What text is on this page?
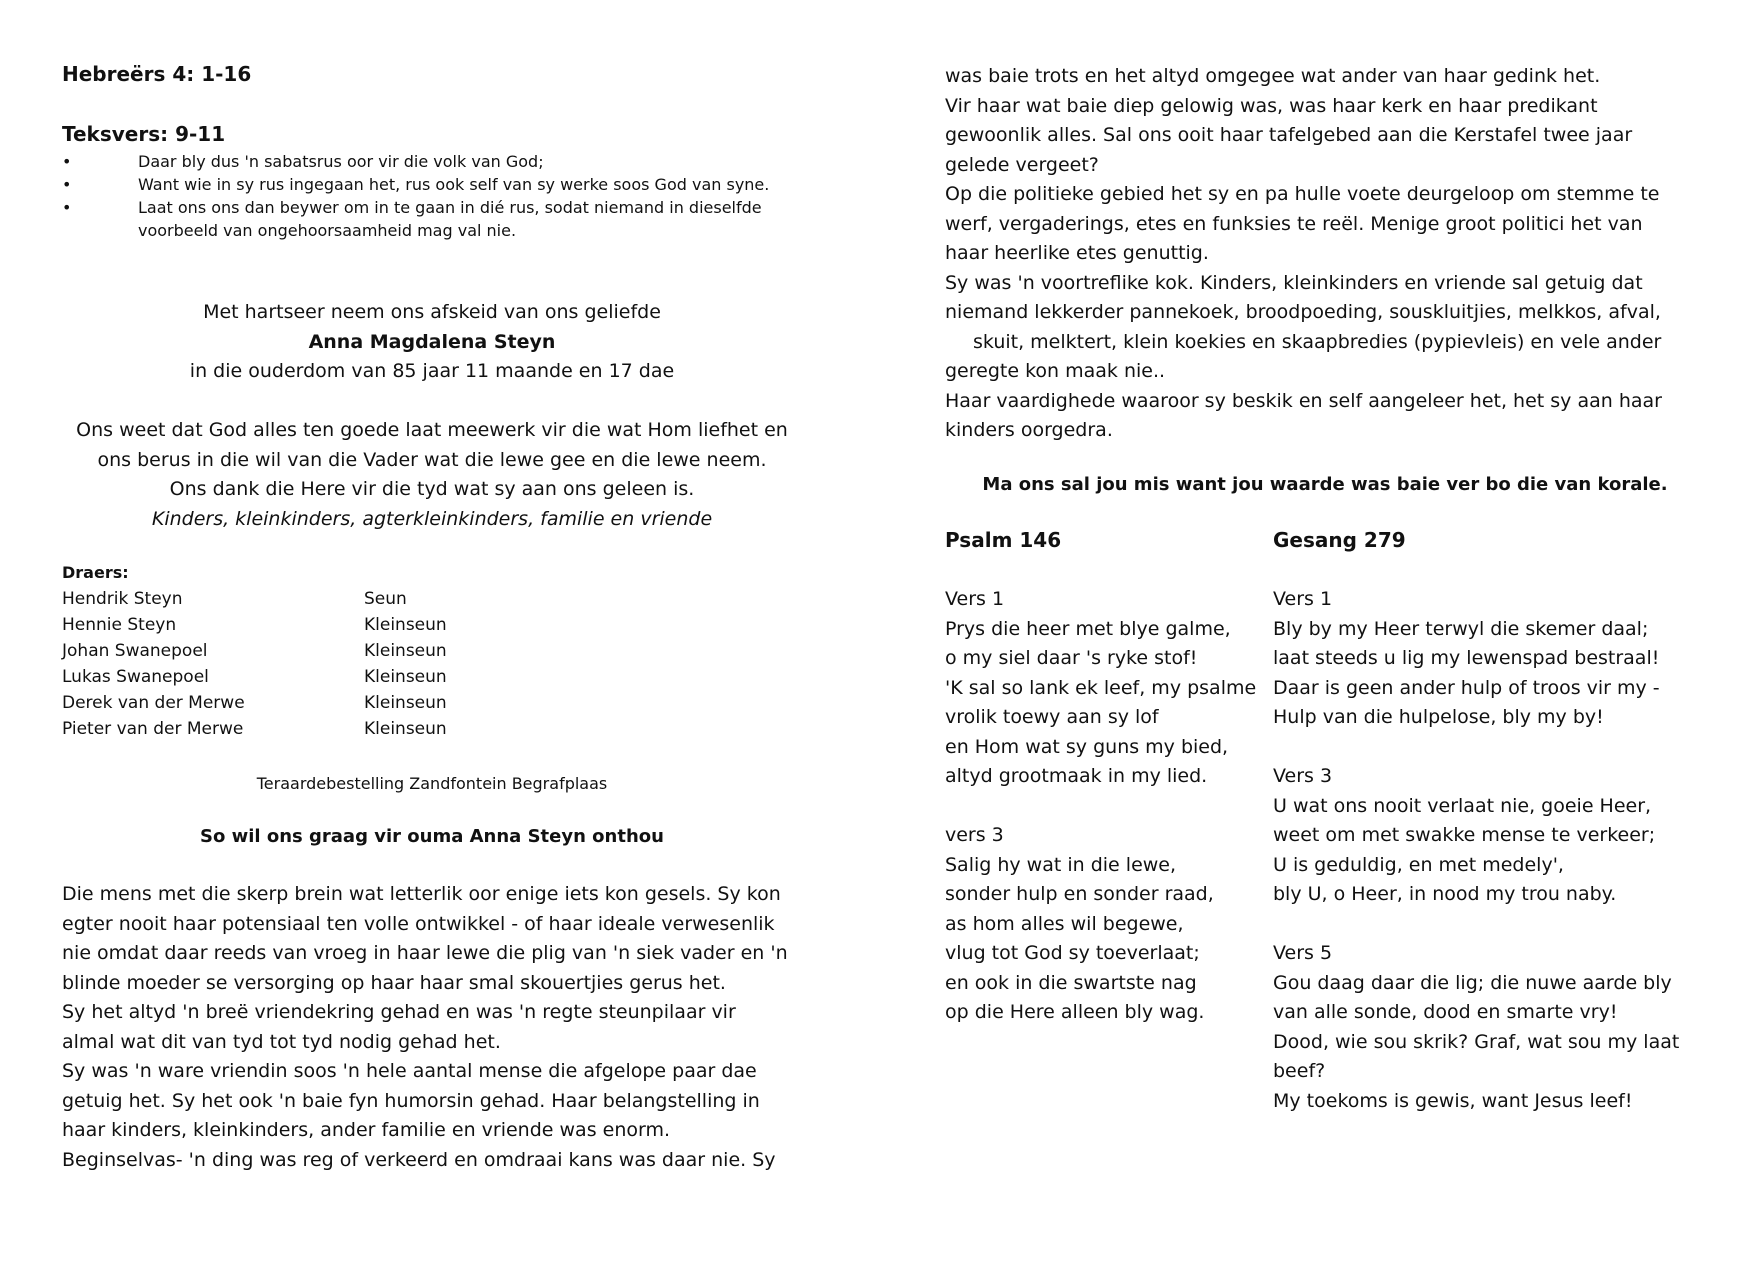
Hebreërs 4: 1-16
Teksvers: 9-11

•	Daar bly dus 'n sabatsrus oor vir die volk van God;

•	Want wie in sy rus ingegaan het, rus ook self van sy werke soos God van syne.

•	Laat ons ons dan beywer om in te gaan in dié rus, sodat niemand in dieselfde voorbeeld van ongehoorsaamheid mag val nie.

Met hartseer neem ons afskeid van ons geliefde
Anna Magdalena Steyn
in die ouderdom van 85 jaar 11 maande en 17 dae
Ons weet dat God alles ten goede laat meewerk vir die wat Hom liefhet en
ons berus in die wil van die Vader wat die lewe gee en die lewe neem.
Ons dank die Here vir die tyd wat sy aan ons geleen is.
Kinders, kleinkinders, agterkleinkinders, familie en vriende
Draers:
Hendrik Steyn	Seun
Hennie Steyn	Kleinseun
Johan Swanepoel	Kleinseun
Lukas Swanepoel	Kleinseun
Derek van der Merwe	Kleinseun
Pieter van der Merwe	Kleinseun
Teraardebestelling Zandfontein Begrafplaas
So wil ons graag vir ouma Anna Steyn onthou
Die mens met die skerp brein wat letterlik oor enige iets kon gesels. Sy kon
egter nooit haar potensiaal ten volle ontwikkel - of haar ideale verwesenlik
nie omdat daar reeds van vroeg in haar lewe die plig van 'n siek vader en 'n
blinde moeder se versorging op haar haar smal skouertjies gerus het.
Sy het altyd 'n breë vriendekring gehad en was 'n regte steunpilaar vir
almal wat dit van tyd tot tyd nodig gehad het.
Sy was 'n ware vriendin soos 'n hele aantal mense die afgelope paar dae
getuig het. Sy het ook 'n baie fyn humorsin gehad. Haar belangstelling in
haar kinders, kleinkinders, ander familie en vriende was enorm.
Beginselvas- 'n ding was reg of verkeerd en omdraai kans was daar nie. Sy
was baie trots en het altyd omgegee wat ander van haar gedink het.
Vir haar wat baie diep gelowig was, was haar kerk en haar predikant
gewoonlik alles. Sal ons ooit haar tafelgebed aan die Kerstafel twee jaar
gelede vergeet?
Op die politieke gebied het sy en pa hulle voete deurgeloop om stemme te
werf, vergaderings, etes en funksies te reël. Menige groot politici het van
haar heerlike etes genuttig.
Sy was 'n voortreflike kok. Kinders, kleinkinders en vriende sal getuig dat
niemand lekkerder pannekoek, broodpoeding, souskluitjies, melkkos, afval,
skuit, melktert, klein koekies en skaapbredies (pypievleis) en vele ander
geregte kon maak nie..
Haar vaardighede waaroor sy beskik en self aangeleer het, het sy aan haar
kinders oorgedra.
Ma ons sal jou mis want jou waarde was baie ver bo die van korale.
Psalm 146
Vers 1
Prys die heer met blye galme,
o my siel daar 's ryke stof!
'K sal so lank ek leef, my psalme
vrolik toewy aan sy lof
en Hom wat sy guns my bied,
altyd grootmaak in my lied.
vers 3
Salig hy wat in die lewe,
sonder hulp en sonder raad,
as hom alles wil begewe,
vlug tot God sy toeverlaat;
en ook in die swartste nag
op die Here alleen bly wag.
Gesang 279
Vers 1
Bly by my Heer terwyl die skemer daal;
laat steeds u lig my lewenspad bestraal!
Daar is geen ander hulp of troos vir my -
Hulp van die hulpelose, bly my by!
Vers 3
U wat ons nooit verlaat nie, goeie Heer,
weet om met swakke mense te verkeer;
U is geduldig, en met medely',
bly U, o Heer, in nood my trou naby.
Vers 5
Gou daag daar die lig; die nuwe aarde bly
van alle sonde, dood en smarte vry!
Dood, wie sou skrik? Graf, wat sou my laat
beef?
My toekoms is gewis, want Jesus leef!
